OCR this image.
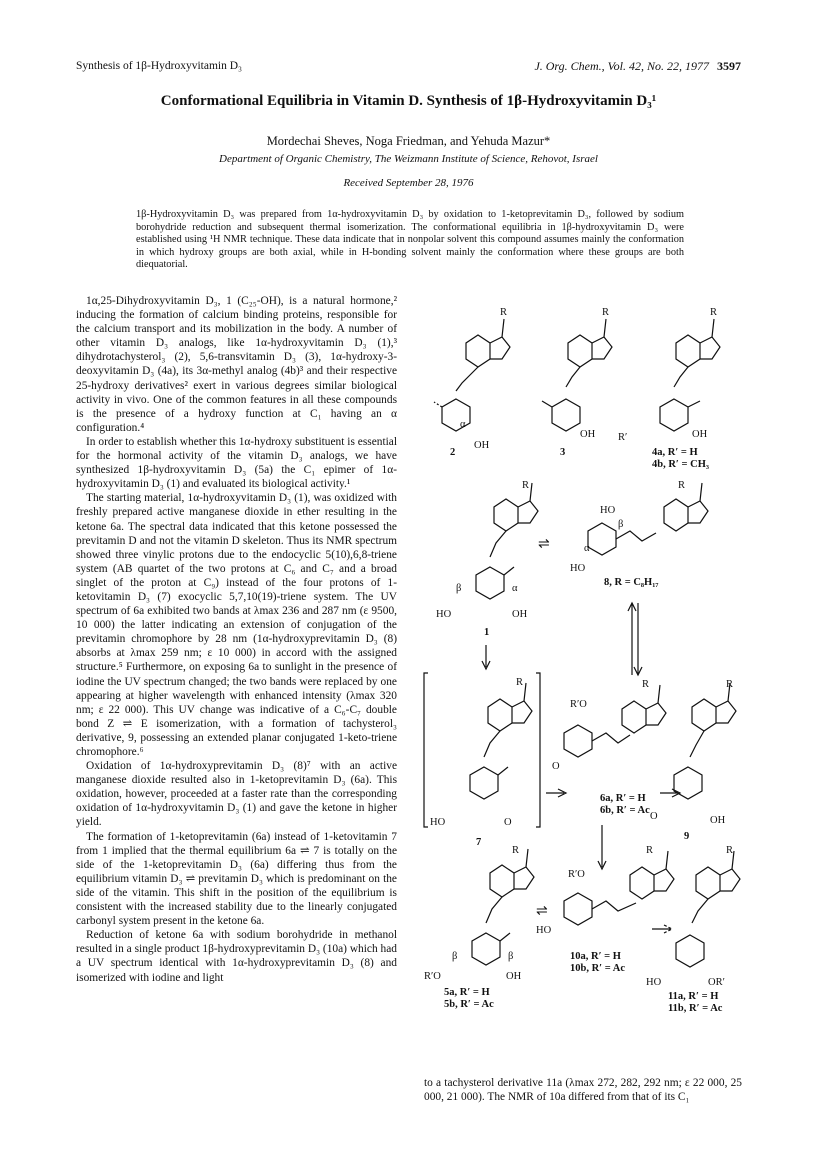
Synthesis of 1β-Hydroxyvitamin D₃	J. Org. Chem., Vol. 42, No. 22, 1977 3597
Conformational Equilibria in Vitamin D. Synthesis of 1β-Hydroxyvitamin D₃¹
Mordechai Sheves, Noga Friedman, and Yehuda Mazur*
Department of Organic Chemistry, The Weizmann Institute of Science, Rehovot, Israel
Received September 28, 1976
1β-Hydroxyvitamin D₃ was prepared from 1α-hydroxyvitamin D₃ by oxidation to 1-ketoprevitamin D₃, followed by sodium borohydride reduction and subsequent thermal isomerization. The conformational equilibria in 1β-hydroxyvitamin D₃ were established using ¹H NMR technique. These data indicate that in nonpolar solvent this compound assumes mainly the conformation in which hydroxy groups are both axial, while in H-bonding solvent mainly the conformation where these groups are both diequatorial.

1α,25-Dihydroxyvitamin D₃, 1 (C₂₅-OH), is a natural hormone,² inducing the formation of calcium binding proteins, responsible for the calcium transport and its mobilization in the body. A number of other vitamin D₃ analogs, like 1α-hydroxyvitamin D₃ (1),³ dihydrotachysterol₃ (2), 5,6-transvitamin D₃ (3), 1α-hydroxy-3-deoxyvitamin D₃ (4a), its 3α-methyl analog (4b)³ and their respective 25-hydroxy derivatives² exert in various degrees similar biological activity in vivo. One of the common features in all these compounds is the presence of a hydroxy function at C₁ having an α configuration.⁴

In order to establish whether this 1α-hydroxy substituent is essential for the hormonal activity of the vitamin D₃ analogs, we have synthesized 1β-hydroxyvitamin D₃ (5a) the C₁ epimer of 1α-hydroxyvitamin D₃ (1) and evaluated its biological activity.¹

The starting material, 1α-hydroxyvitamin D₃ (1), was oxidized with freshly prepared active manganese dioxide in ether resulting in the ketone 6a. The spectral data indicated that this ketone possessed the previtamin D and not the vitamin D skeleton. Thus its NMR spectrum showed three vinylic protons due to the endocyclic 5(10),6,8-triene system (AB quartet of the two protons at C₆ and C₇ and a broad singlet of the proton at C₉) instead of the four protons of 1-ketovitamin D₃ (7) exocyclic 5,7,10(19)-triene system. The UV spectrum of 6a exhibited two bands at λmax 236 and 287 nm (ε 9500, 10 000) the latter indicating an extension of conjugation of the previtamin chromophore by 28 nm (1α-hydroxyprevitamin D₃ (8) absorbs at λmax 259 nm; ε 10 000) in accord with the assigned structure.⁵ Furthermore, on exposing 6a to sunlight in the presence of iodine the UV spectrum changed; the two bands were replaced by one appearing at higher wavelength with enhanced intensity (λmax 320 nm; ε 22 000). This UV change was indicative of a C₆-C₇ double bond Z ⇌ E isomerization, with a formation of tachysterol₃ derivative, 9, possessing an extended planar conjugated 1-keto-triene chromophore.⁶

Oxidation of 1α-hydroxyprevitamin D₃ (8)⁷ with an active manganese dioxide resulted also in 1-ketoprevitamin D₃ (6a). This oxidation, however, proceeded at a faster rate than the corresponding oxidation of 1α-hydroxyvitamin D₃ (1) and gave the ketone in higher yield.

The formation of 1-ketoprevitamin (6a) instead of 1-ketovitamin 7 from 1 implied that the thermal equilibrium 6a ⇌ 7 is totally on the side of the 1-ketoprevitamin D₃ (6a) differing thus from the equilibrium vitamin D₃ ⇌ previtamin D₃ which is predominant on the side of the vitamin. This shift in the position of the equilibrium is consistent with the increased stability due to the linearly conjugated carbonyl system present in the ketone 6a.

Reduction of ketone 6a with sodium borohydride in methanol resulted in a single product 1β-hydroxyprevitamin D₃ (10a) which had a UV spectrum identical with 1α-hydroxyprevitamin D₃ (8) and isomerized with iodine and light

R
α
OH
2
R
OH
3
R
R′	OH
4a, R′ = H
4b, R′ = CH₃
R
β	α
HO	OH
1
⇌
R
HO
β
α
HO
8, R = C₈H₁₇
R
HO	O
7
R
R′O
O
6a, R′ = H
6b, R′ = Ac
R
O	OH
9
R
β	β
R′O	OH
5a, R′ = H
5b, R′ = Ac
⇌
R
R′O
HO
10a, R′ = H
10b, R′ = Ac
R
HO	OR′
11a, R′ = H
11b, R′ = Ac
to a tachysterol derivative 11a (λmax 272, 282, 292 nm; ε 22 000, 25 000, 21 000). The NMR of 10a differed from that of its C₁
